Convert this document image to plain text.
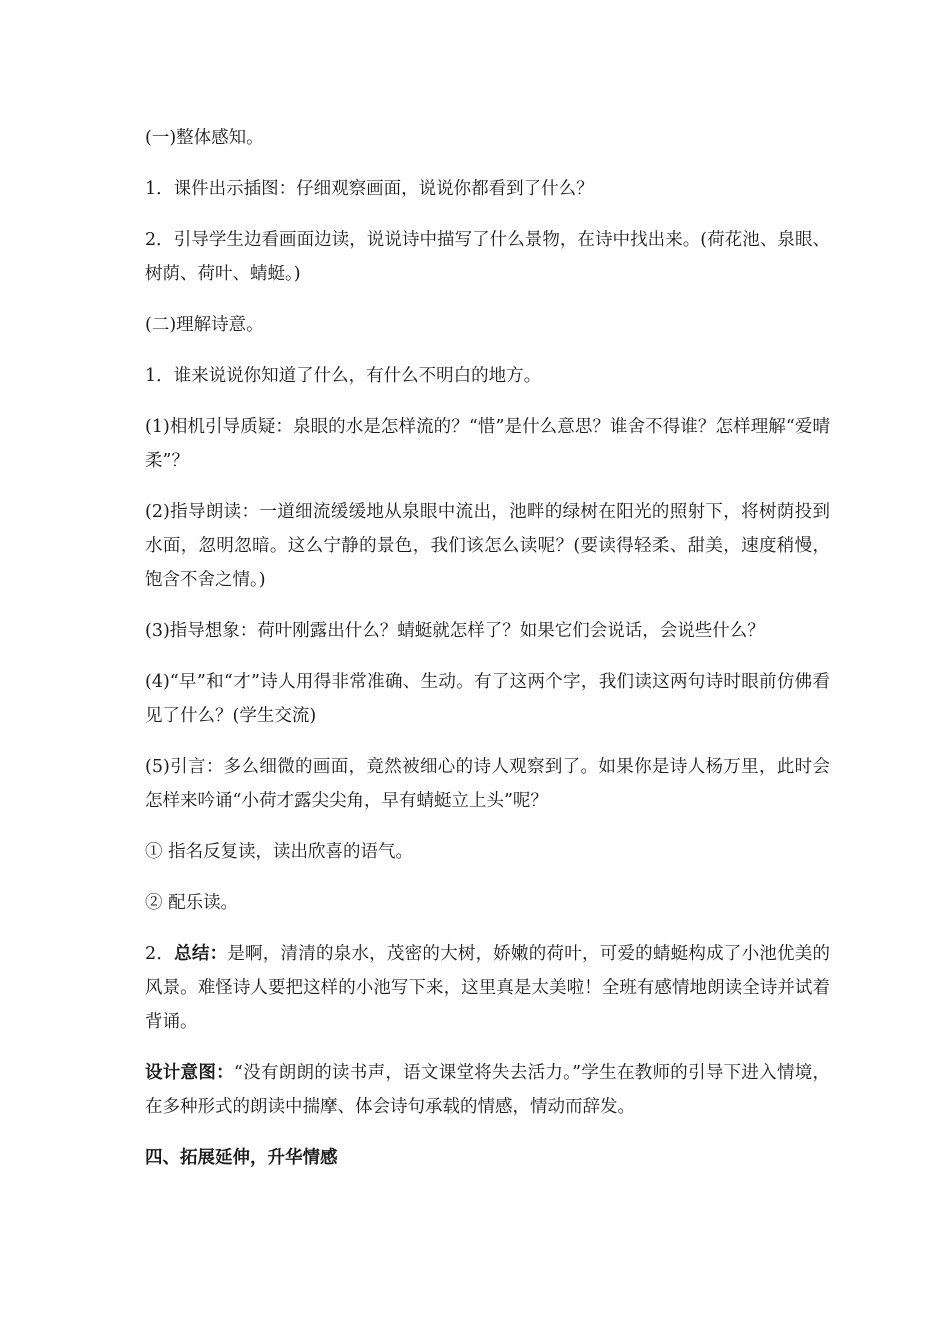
(一)整体感知。

1．课件出示插图：仔细观察画面，说说你都看到了什么？

2．引导学生边看画面边读，说说诗中描写了什么景物，在诗中找出来。(荷花池、泉眼、树荫、荷叶、蜻蜓。)

(二)理解诗意。

1．谁来说说你知道了什么，有什么不明白的地方。

(1)相机引导质疑：泉眼的水是怎样流的？“惜”是什么意思？谁舍不得谁？怎样理解“爱晴柔”？

(2)指导朗读：一道细流缓缓地从泉眼中流出，池畔的绿树在阳光的照射下，将树荫投到水面，忽明忽暗。这么宁静的景色，我们该怎么读呢？(要读得轻柔、甜美，速度稍慢，饱含不舍之情。)

(3)指导想象：荷叶刚露出什么？蜻蜓就怎样了？如果它们会说话，会说些什么？

(4)“早”和“才”诗人用得非常准确、生动。有了这两个字，我们读这两句诗时眼前仿佛看见了什么？(学生交流)

(5)引言：多么细微的画面，竟然被细心的诗人观察到了。如果你是诗人杨万里，此时会怎样来吟诵“小荷才露尖尖角，早有蜻蜓立上头”呢？

① 指名反复读，读出欣喜的语气。

② 配乐读。

2．总结：是啊，清清的泉水，茂密的大树，娇嫩的荷叶，可爱的蜻蜓构成了小池优美的风景。难怪诗人要把这样的小池写下来，这里真是太美啦！全班有感情地朗读全诗并试着背诵。

设计意图：“没有朗朗的读书声，语文课堂将失去活力。”学生在教师的引导下进入情境，在多种形式的朗读中揣摩、体会诗句承载的情感，情动而辞发。

四、拓展延伸，升华情感
